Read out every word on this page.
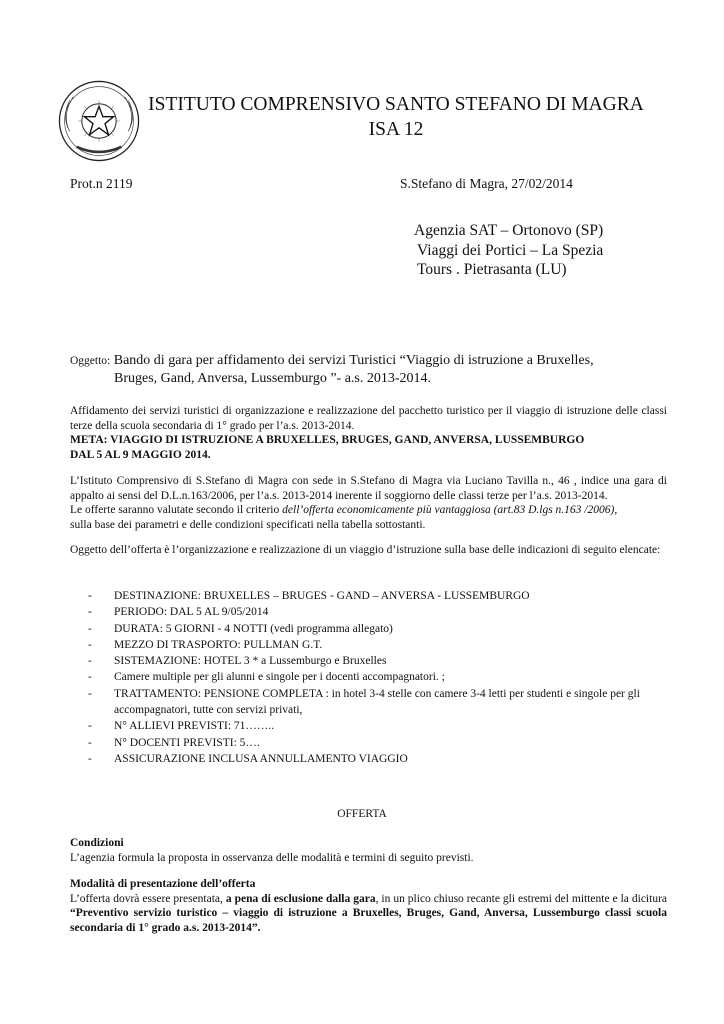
ISTITUTO COMPRENSIVO SANTO STEFANO DI MAGRA
ISA 12
Prot.n 2119	S.Stefano di Magra, 27/02/2014
Agenzia SAT – Ortonovo (SP)
Viaggi dei Portici – La Spezia
Tours . Pietrasanta (LU)
Oggetto: Bando di gara per affidamento dei servizi Turistici “Viaggio di istruzione a Bruxelles,
Bruges, Gand, Anversa, Lussemburgo ”- a.s. 2013-2014.
Affidamento dei servizi turistici di organizzazione e realizzazione del pacchetto turistico per il viaggio di istruzione delle classi terze della scuola secondaria di 1° grado per l’a.s. 2013-2014.
META: VIAGGIO DI ISTRUZIONE A BRUXELLES, BRUGES, GAND, ANVERSA, LUSSEMBURGO
DAL 5 AL 9 MAGGIO 2014.
L’Istituto Comprensivo di S.Stefano di Magra con sede in S.Stefano di Magra via Luciano Tavilla n., 46 , indice una gara di appalto ai sensi del D.L.n.163/2006, per l’a.s. 2013-2014 inerente il soggiorno delle classi terze per l’a.s. 2013-2014.
Le offerte saranno valutate secondo il criterio dell’offerta economicamente più vantaggiosa (art.83 D.lgs n.163 /2006),
sulla base dei parametri e delle condizioni specificati nella tabella sottostanti.
Oggetto dell’offerta è l’organizzazione e realizzazione di un viaggio d’istruzione sulla base delle indicazioni di seguito elencate:
- DESTINAZIONE: BRUXELLES – BRUGES - GAND – ANVERSA - LUSSEMBURGO
- PERIODO: DAL 5 AL 9/05/2014
- DURATA: 5 GIORNI - 4 NOTTI (vedi programma allegato)
- MEZZO DI TRASPORTO: PULLMAN G.T.
- SISTEMAZIONE: HOTEL 3 * a Lussemburgo e Bruxelles
- Camere multiple per gli alunni e singole per i docenti accompagnatori. ;
- TRATTAMENTO: PENSIONE COMPLETA : in hotel 3-4 stelle con camere 3-4 letti per studenti e singole per gli accompagnatori, tutte con servizi privati,
- N° ALLIEVI PREVISTI: 71……..
- N° DOCENTI PREVISTI: 5….
- ASSICURAZIONE INCLUSA ANNULLAMENTO VIAGGIO
OFFERTA
Condizioni
L’agenzia formula la proposta in osservanza delle modalità e termini di seguito previsti.
Modalità di presentazione dell’offerta
L’offerta dovrà essere presentata, a pena di esclusione dalla gara, in un plico chiuso recante gli estremi del mittente e la dicitura “Preventivo servizio turistico – viaggio di istruzione a Bruxelles, Bruges, Gand, Anversa, Lussemburgo classi scuola secondaria di 1° grado a.s. 2013-2014”.
